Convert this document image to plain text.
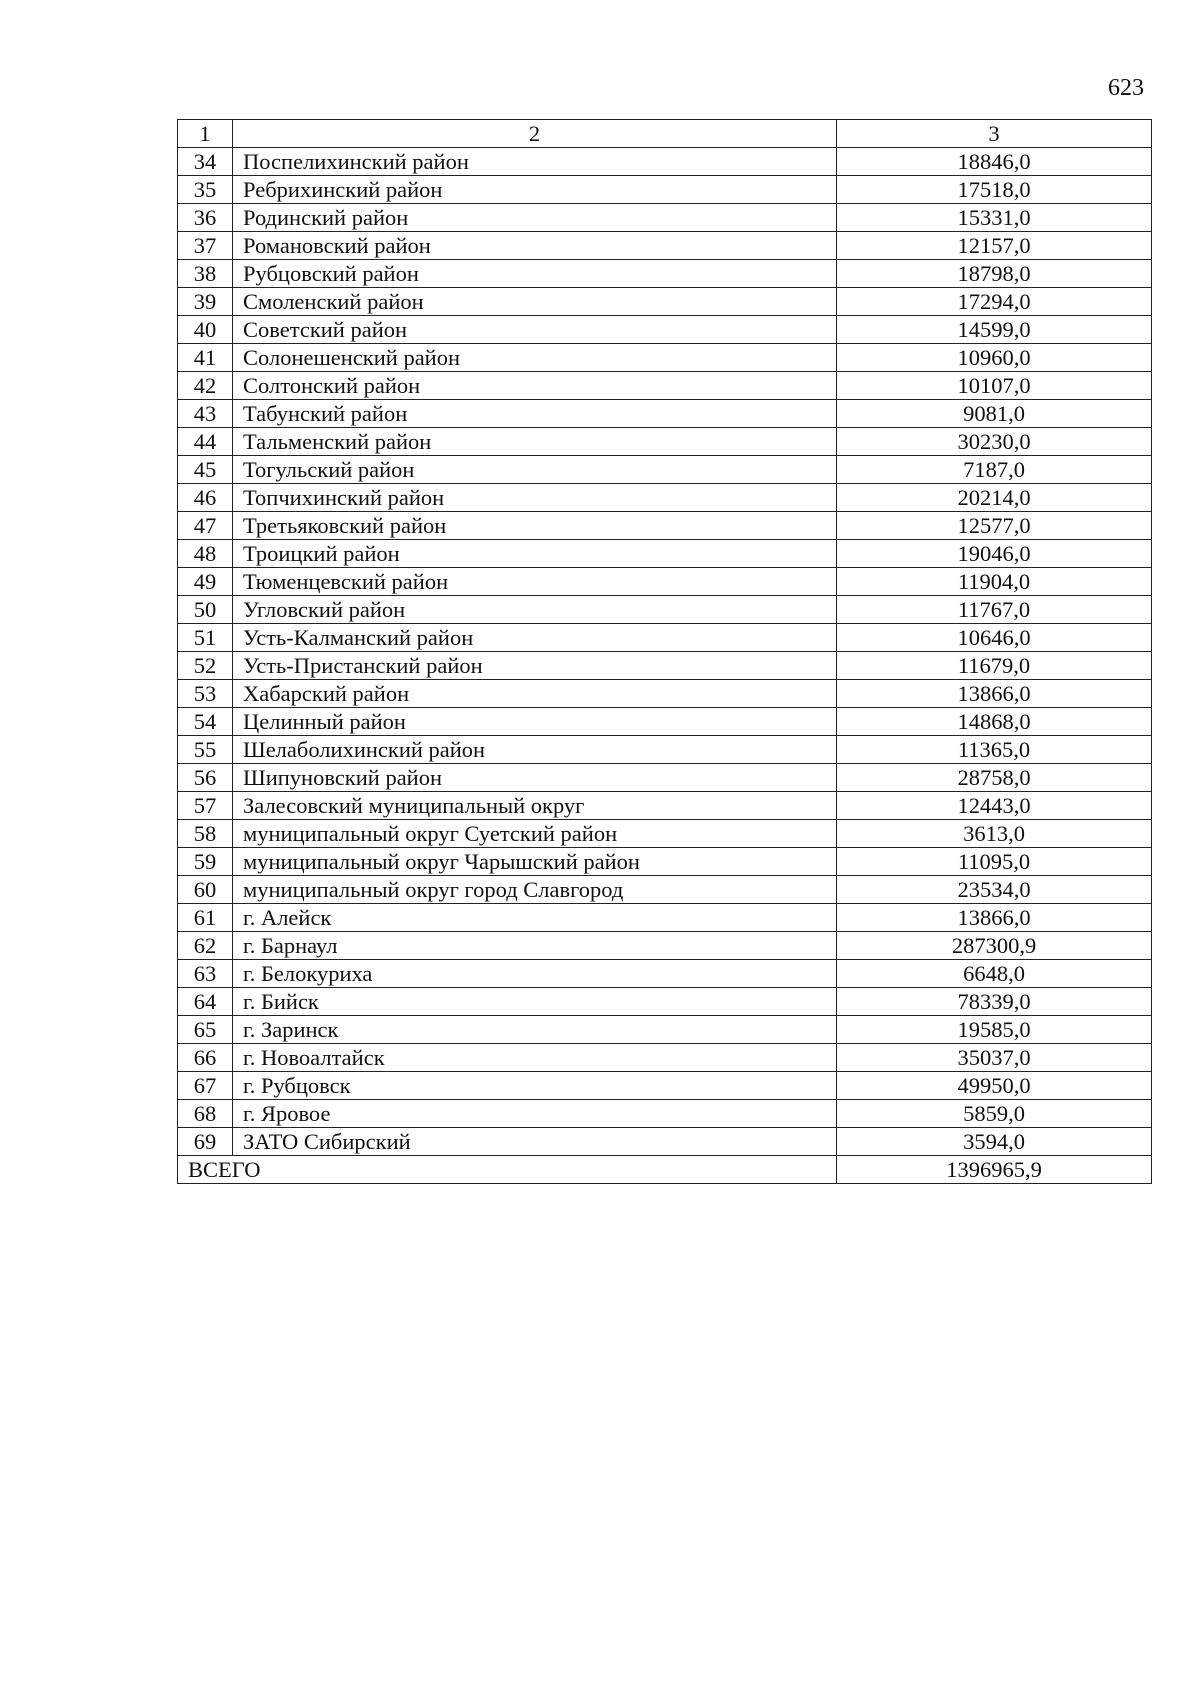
623
1	2	3
34	Поспелихинский район	18846,0
35	Ребрихинский район	17518,0
36	Родинский район	15331,0
37	Романовский район	12157,0
38	Рубцовский район	18798,0
39	Смоленский район	17294,0
40	Советский район	14599,0
41	Солонешенский район	10960,0
42	Солтонский район	10107,0
43	Табунский район	9081,0
44	Тальменский район	30230,0
45	Тогульский район	7187,0
46	Топчихинский район	20214,0
47	Третьяковский район	12577,0
48	Троицкий район	19046,0
49	Тюменцевский район	11904,0
50	Угловский район	11767,0
51	Усть-Калманский район	10646,0
52	Усть-Пристанский район	11679,0
53	Хабарский район	13866,0
54	Целинный район	14868,0
55	Шелаболихинский район	11365,0
56	Шипуновский район	28758,0
57	Залесовский муниципальный округ	12443,0
58	муниципальный округ Суетский район	3613,0
59	муниципальный округ Чарышский район	11095,0
60	муниципальный округ город Славгород	23534,0
61	г. Алейск	13866,0
62	г. Барнаул	287300,9
63	г. Белокуриха	6648,0
64	г. Бийск	78339,0
65	г. Заринск	19585,0
66	г. Новоалтайск	35037,0
67	г. Рубцовск	49950,0
68	г. Яровое	5859,0
69	ЗАТО Сибирский	3594,0
ВСЕГО		1396965,9
